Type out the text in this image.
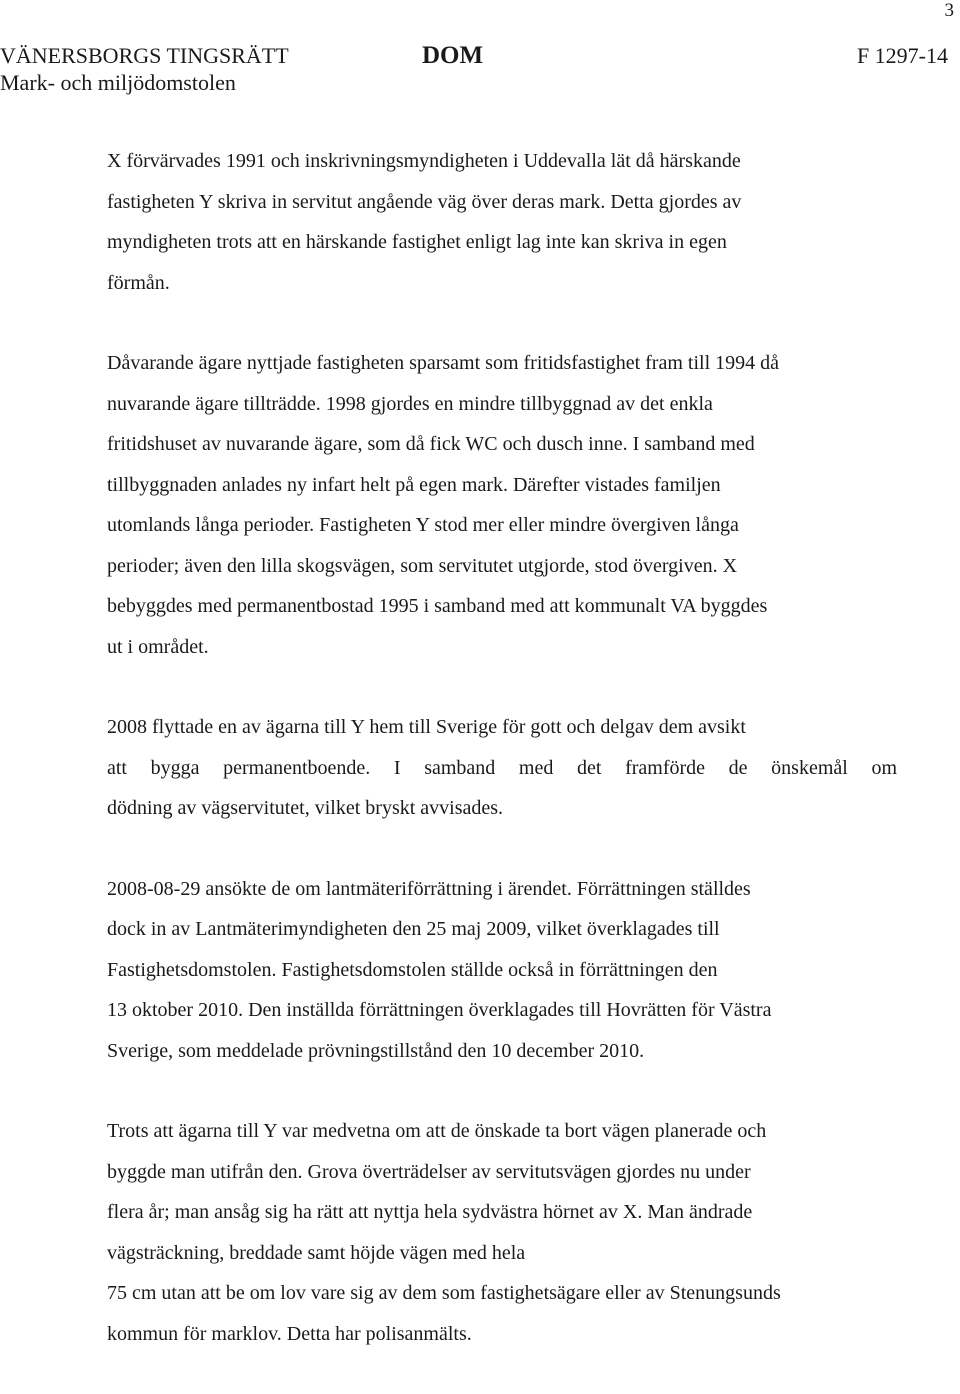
3
VÄNERSBORGS TINGSRÄTT
Mark- och miljödomstolen
DOM	F 1297-14
X förvärvades 1991 och inskrivningsmyndigheten i Uddevalla lät då härskande
fastigheten Y skriva in servitut angående väg över deras mark. Detta gjordes av
myndigheten trots att en härskande fastighet enligt lag inte kan skriva in egen
förmån.
Dåvarande ägare nyttjade fastigheten sparsamt som fritidsfastighet fram till 1994 då
nuvarande ägare tillträdde. 1998 gjordes en mindre tillbyggnad av det enkla
fritidshuset av nuvarande ägare, som då fick WC och dusch inne. I samband med
tillbyggnaden anlades ny infart helt på egen mark. Därefter vistades familjen
utomlands långa perioder. Fastigheten Y stod mer eller mindre övergiven långa
perioder; även den lilla skogsvägen, som servitutet utgjorde, stod övergiven. X
bebyggdes med permanentbostad 1995 i samband med att kommunalt VA byggdes
ut i området.
2008 flyttade en av ägarna till Y hem till Sverige för gott och delgav dem avsikt
att bygga permanentboende. I samband med det framförde de önskemål om
dödning av vägservitutet, vilket bryskt avvisades.
2008-08-29 ansökte de om lantmäteriförrättning i ärendet. Förrättningen ställdes
dock in av Lantmäterimyndigheten den 25 maj 2009, vilket överklagades till
Fastighetsdomstolen. Fastighetsdomstolen ställde också in förrättningen den
13 oktober 2010. Den inställda förrättningen överklagades till Hovrätten för Västra
Sverige, som meddelade prövningstillstånd den 10 december 2010.
Trots att ägarna till Y var medvetna om att de önskade ta bort vägen planerade och
byggde man utifrån den. Grova överträdelser av servitutsvägen gjordes nu under
flera år; man ansåg sig ha rätt att nyttja hela sydvästra hörnet av X. Man ändrade
vägsträckning, breddade samt höjde vägen med hela
75 cm utan att be om lov vare sig av dem som fastighetsägare eller av Stenungsunds
kommun för marklov. Detta har polisanmälts.
